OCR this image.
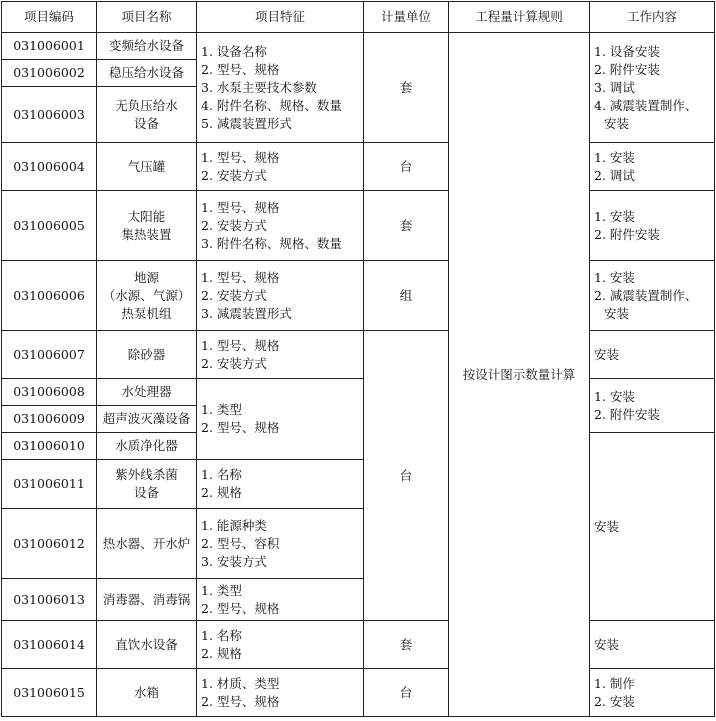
项目编码	项目名称	项目特征	计量单位	工程量计算规则	工作内容
031006001	变频给水设备	1. 设备名称
2. 型号、规格
3. 水泵主要技术参数
4. 附件名称、规格、数量
5. 减震装置形式	套	按设计图示数量计算	1. 设备安装
2. 附件安装
3. 调试
4. 减震装置制作、
安装

031006002	稳压给水设备				

031006003	无负压给水
设备				

031006004	气压罐	1. 型号、规格
2. 安装方式	台		1. 安装
2. 调试

031006005	太阳能
集热装置	1. 型号、规格
2. 安装方式
3. 附件名称、规格、数量	套		1. 安装
2. 附件安装

031006006	地源
（水源、气源）
热泵机组	1. 型号、规格
2. 安装方式
3. 减震装置形式	组		1. 安装
2. 减震装置制作、
安装

031006007	除砂器	1. 型号、规格
2. 安装方式	台		安装

031006008	水处理器	1. 类型
2. 型号、规格			1. 安装
2. 附件安装

031006009	超声波灭藻设备				

031006010	水质净化器				安装

031006011	紫外线杀菌
设备	1. 名称
2. 规格			

031006012	热水器、开水炉	1. 能源种类
2. 型号、容积
3. 安装方式			

031006013	消毒器、消毒锅	1. 类型
2. 型号、规格			

031006014	直饮水设备	1. 名称
2. 规格	套		安装

031006015	水箱	1. 材质、类型
2. 型号、规格	台		1. 制作
2. 安装
